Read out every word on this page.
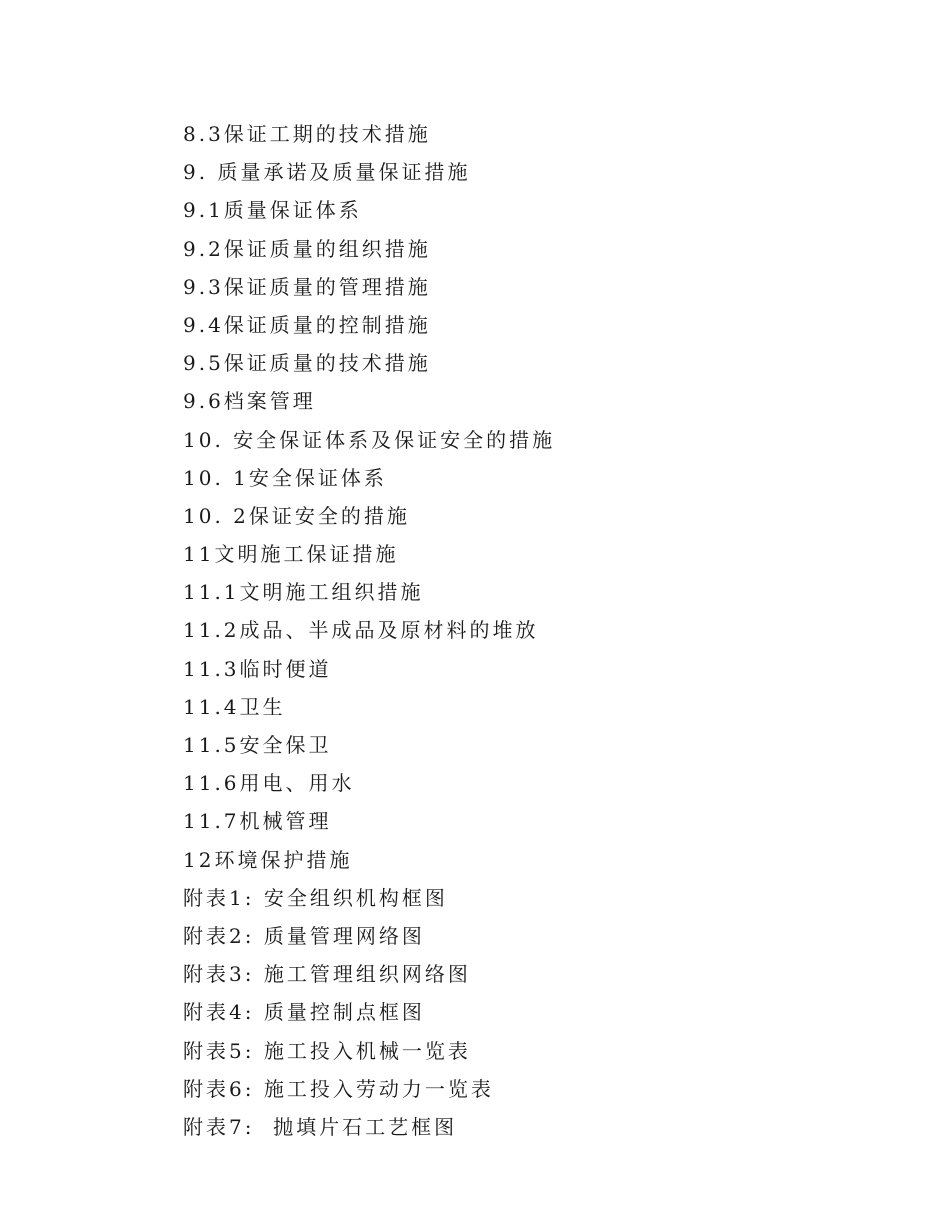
8.3保证工期的技术措施
9. 质量承诺及质量保证措施
9.1质量保证体系
9.2保证质量的组织措施
9.3保证质量的管理措施
9.4保证质量的控制措施
9.5保证质量的技术措施
9.6档案管理
10. 安全保证体系及保证安全的措施
10. 1安全保证体系
10. 2保证安全的措施
11文明施工保证措施
11.1文明施工组织措施
11.2成品、半成品及原材料的堆放
11.3临时便道
11.4卫生
11.5安全保卫
11.6用电、用水
11.7机械管理
12环境保护措施
附表1: 安全组织机构框图
附表2: 质量管理网络图
附表3: 施工管理组织网络图
附表4: 质量控制点框图
附表5: 施工投入机械一览表
附表6: 施工投入劳动力一览表
附表7:  抛填片石工艺框图
